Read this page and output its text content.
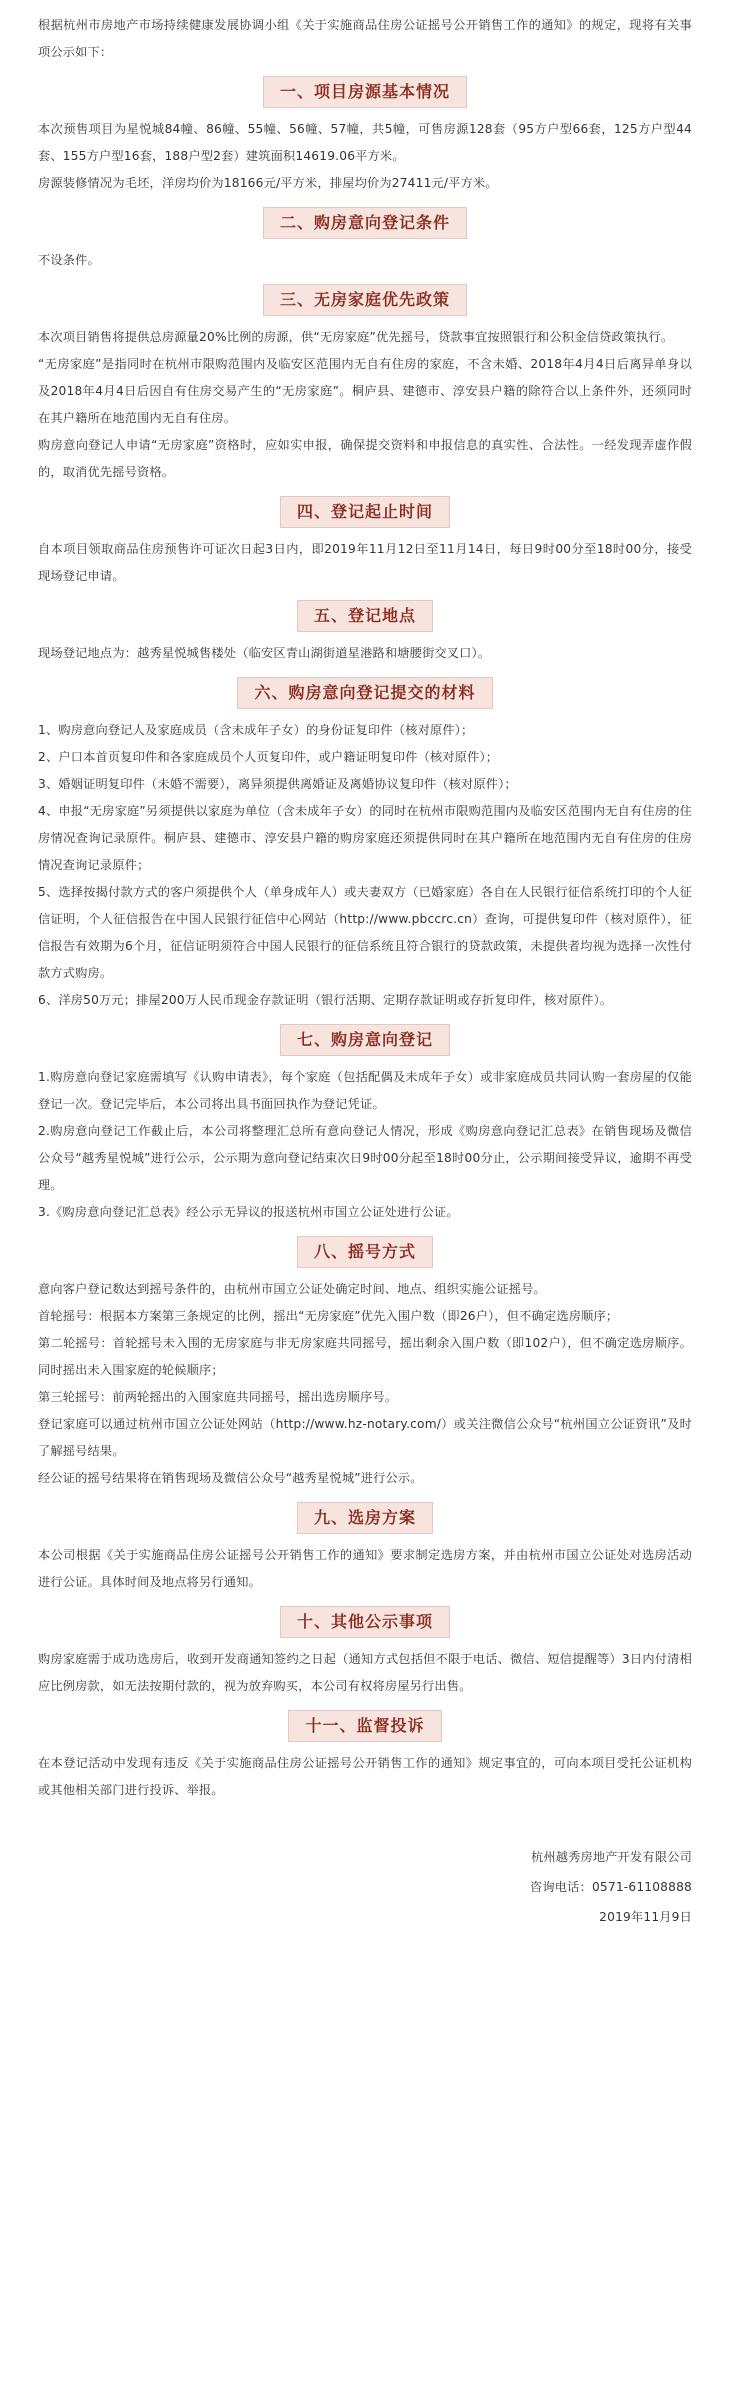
根据杭州市房地产市场持续健康发展协调小组《关于实施商品住房公证摇号公开销售工作的通知》的规定，现将有关事项公示如下：

一、项目房源基本情况

本次预售项目为星悦城84幢、86幢、55幢、56幢、57幢，共5幢，可售房源128套（95方户型66套，125方户型44套、155方户型16套，188户型2套）建筑面积14619.06平方米。

房源装修情况为毛坯，洋房均价为18166元/平方米，排屋均价为27411元/平方米。

二、购房意向登记条件

不设条件。

三、无房家庭优先政策

本次项目销售将提供总房源量20%比例的房源，供“无房家庭”优先摇号，贷款事宜按照银行和公积金信贷政策执行。

“无房家庭”是指同时在杭州市限购范围内及临安区范围内无自有住房的家庭，不含未婚、2018年4月4日后离异单身以及2018年4月4日后因自有住房交易产生的“无房家庭”。桐庐县、建德市、淳安县户籍的除符合以上条件外，还须同时在其户籍所在地范围内无自有住房。

购房意向登记人申请“无房家庭”资格时，应如实申报，确保提交资料和申报信息的真实性、合法性。一经发现弄虚作假的，取消优先摇号资格。

四、登记起止时间

自本项目领取商品住房预售许可证次日起3日内，即2019年11月12日至11月14日，每日9时00分至18时00分，接受现场登记申请。

五、登记地点

现场登记地点为：越秀星悦城售楼处（临安区青山湖街道星港路和塘腰街交叉口）。

六、购房意向登记提交的材料

1、购房意向登记人及家庭成员（含未成年子女）的身份证复印件（核对原件）；

2、户口本首页复印件和各家庭成员个人页复印件，或户籍证明复印件（核对原件）；

3、婚姻证明复印件（未婚不需要），离异须提供离婚证及离婚协议复印件（核对原件）；

4、申报“无房家庭”另须提供以家庭为单位（含未成年子女）的同时在杭州市限购范围内及临安区范围内无自有住房的住房情况查询记录原件。桐庐县、建德市、淳安县户籍的购房家庭还须提供同时在其户籍所在地范围内无自有住房的住房情况查询记录原件；

5、选择按揭付款方式的客户须提供个人（单身成年人）或夫妻双方（已婚家庭）各自在人民银行征信系统打印的个人征信证明，个人征信报告在中国人民银行征信中心网站（http://www.pbccrc.cn）查询，可提供复印件（核对原件），征信报告有效期为6个月，征信证明须符合中国人民银行的征信系统且符合银行的贷款政策，未提供者均视为选择一次性付款方式购房。

6、洋房50万元；排屋200万人民币现金存款证明（银行活期、定期存款证明或存折复印件，核对原件）。

七、购房意向登记

1.购房意向登记家庭需填写《认购申请表》，每个家庭（包括配偶及未成年子女）或非家庭成员共同认购一套房屋的仅能登记一次。登记完毕后，本公司将出具书面回执作为登记凭证。

2.购房意向登记工作截止后，本公司将整理汇总所有意向登记人情况，形成《购房意向登记汇总表》在销售现场及微信公众号“越秀星悦城”进行公示，公示期为意向登记结束次日9时00分起至18时00分止，公示期间接受异议，逾期不再受理。

3.《购房意向登记汇总表》经公示无异议的报送杭州市国立公证处进行公证。

八、摇号方式

意向客户登记数达到摇号条件的，由杭州市国立公证处确定时间、地点、组织实施公证摇号。

首轮摇号：根据本方案第三条规定的比例，摇出“无房家庭”优先入围户数（即26户），但不确定选房顺序；

第二轮摇号：首轮摇号未入围的无房家庭与非无房家庭共同摇号，摇出剩余入围户数（即102户），但不确定选房顺序。同时摇出未入围家庭的轮候顺序；

第三轮摇号：前两轮摇出的入围家庭共同摇号，摇出选房顺序号。

登记家庭可以通过杭州市国立公证处网站（http://www.hz-notary.com/）或关注微信公众号“杭州国立公证资讯”及时了解摇号结果。

经公证的摇号结果将在销售现场及微信公众号“越秀星悦城”进行公示。

九、选房方案

本公司根据《关于实施商品住房公证摇号公开销售工作的通知》要求制定选房方案，并由杭州市国立公证处对选房活动进行公证。具体时间及地点将另行通知。

十、其他公示事项

购房家庭需于成功选房后，收到开发商通知签约之日起（通知方式包括但不限于电话、微信、短信提醒等）3日内付清相应比例房款，如无法按期付款的，视为放弃购买，本公司有权将房屋另行出售。

十一、监督投诉

在本登记活动中发现有违反《关于实施商品住房公证摇号公开销售工作的通知》规定事宜的，可向本项目受托公证机构或其他相关部门进行投诉、举报。

杭州越秀房地产开发有限公司

咨询电话：0571-61108888

2019年11月9日
